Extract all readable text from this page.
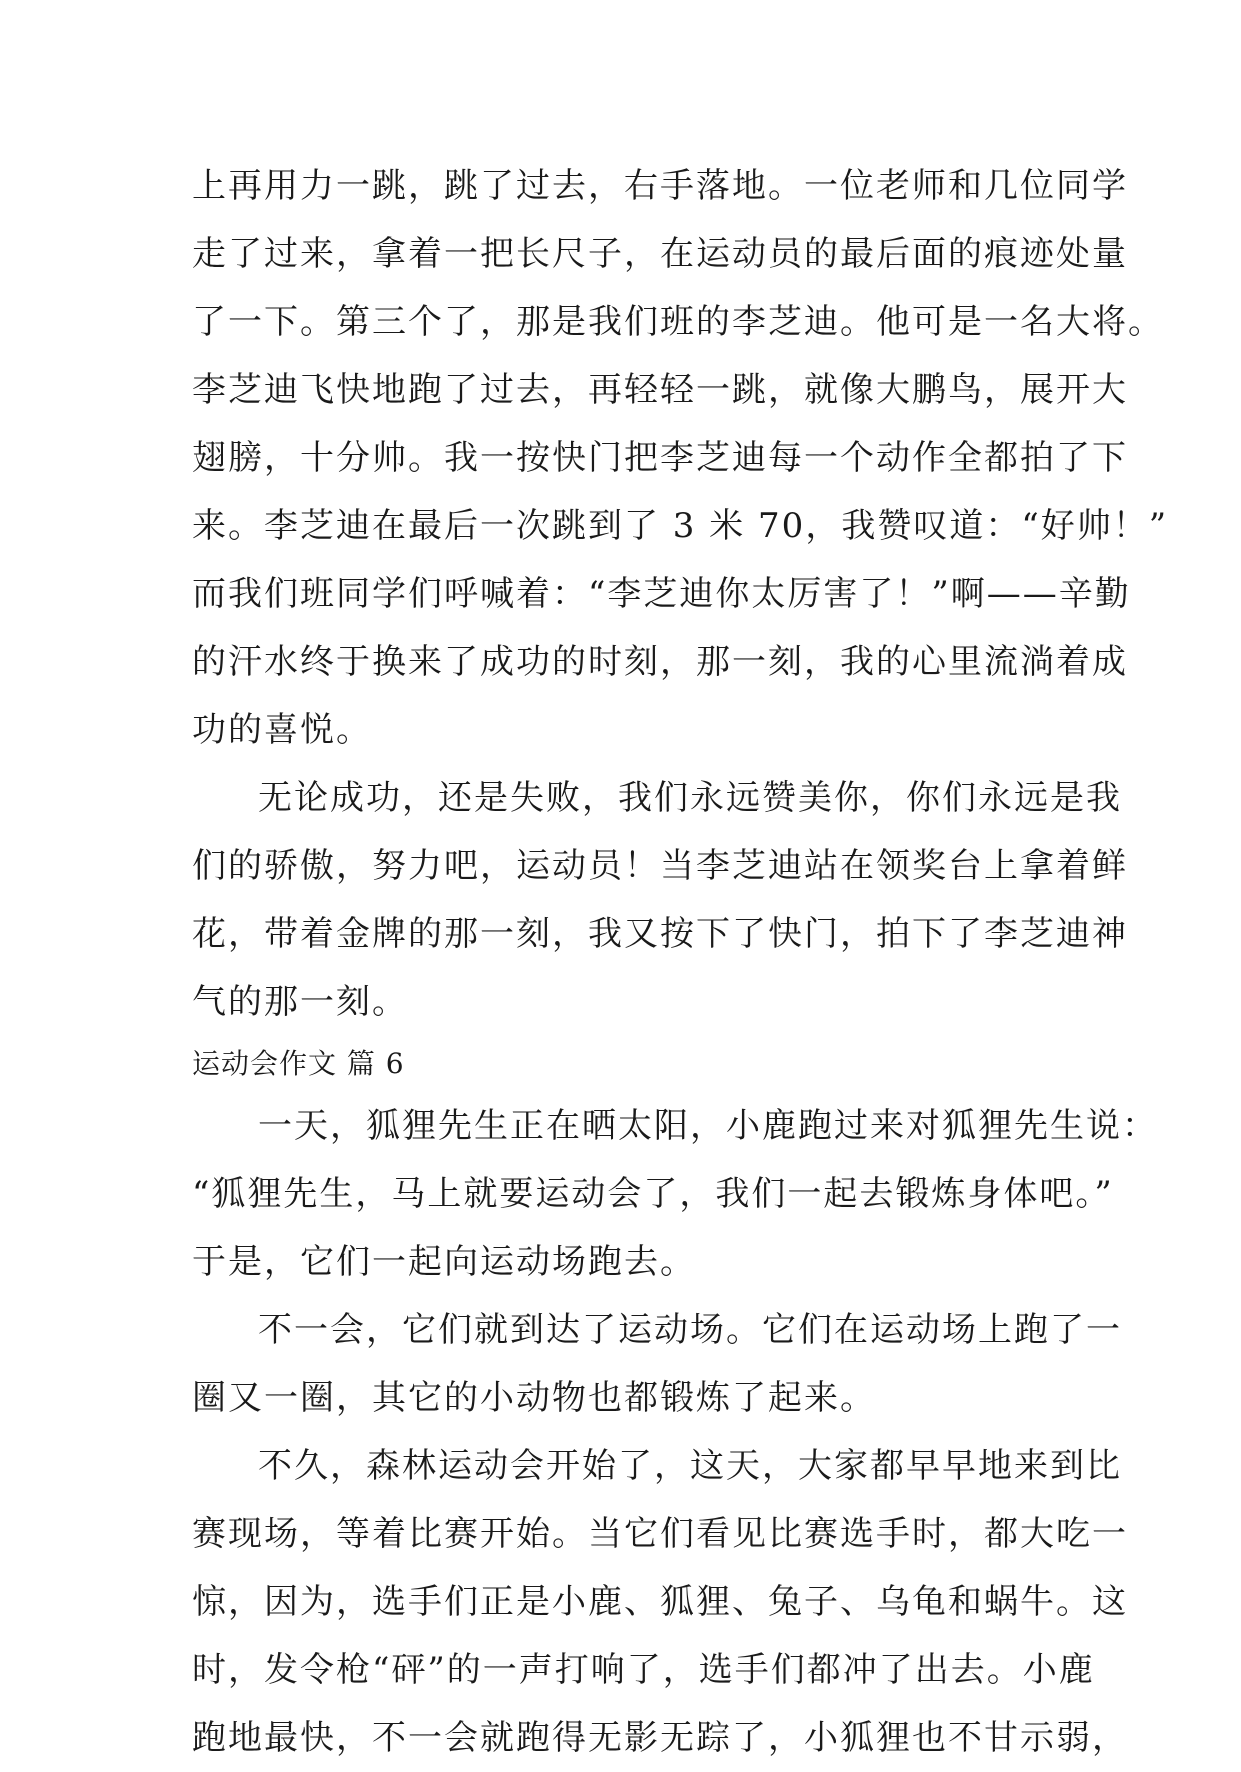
上再用力一跳，跳了过去，右手落地。一位老师和几位同学
走了过来，拿着一把长尺子，在运动员的最后面的痕迹处量
了一下。第三个了，那是我们班的李芝迪。他可是一名大将。
李芝迪飞快地跑了过去，再轻轻一跳，就像大鹏鸟，展开大
翅膀，十分帅。我一按快门把李芝迪每一个动作全都拍了下
来。李芝迪在最后一次跳到了 3 米 70，我赞叹道：“好帅！”
而我们班同学们呼喊着：“李芝迪你太厉害了！”啊——辛勤
的汗水终于换来了成功的时刻，那一刻，我的心里流淌着成
功的喜悦。
无论成功，还是失败，我们永远赞美你，你们永远是我
们的骄傲，努力吧，运动员！当李芝迪站在领奖台上拿着鲜
花，带着金牌的那一刻，我又按下了快门，拍下了李芝迪神
气的那一刻。
运动会作文 篇 6
一天，狐狸先生正在晒太阳，小鹿跑过来对狐狸先生说：
“狐狸先生，马上就要运动会了，我们一起去锻炼身体吧。”
于是，它们一起向运动场跑去。
不一会，它们就到达了运动场。它们在运动场上跑了一
圈又一圈，其它的小动物也都锻炼了起来。
不久，森林运动会开始了，这天，大家都早早地来到比
赛现场，等着比赛开始。当它们看见比赛选手时，都大吃一
惊，因为，选手们正是小鹿、狐狸、兔子、乌龟和蜗牛。这
时，发令枪“砰”的一声打响了，选手们都冲了出去。小鹿
跑地最快，不一会就跑得无影无踪了，小狐狸也不甘示弱，
